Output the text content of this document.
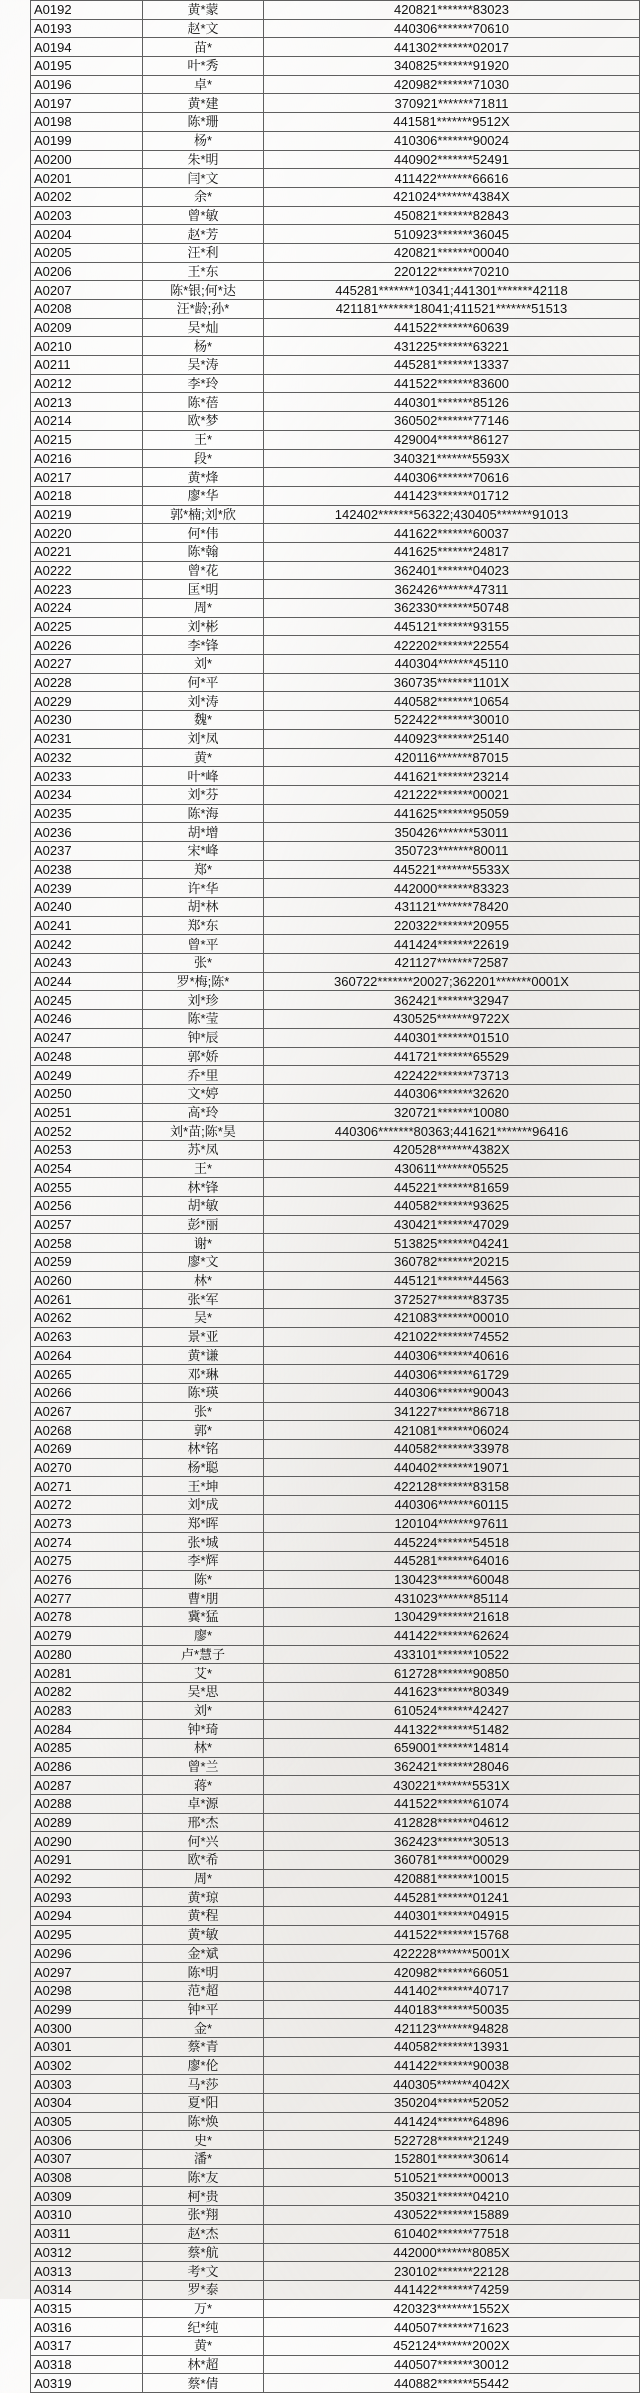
A0192	黄*蒙	420821*******83023
A0193	赵*文	440306*******70610
A0194	苗*	441302*******02017
A0195	叶*秀	340825*******91920
A0196	卓*	420982*******71030
A0197	黄*建	370921*******71811
A0198	陈*珊	441581*******9512X
A0199	杨*	410306*******90024
A0200	朱*明	440902*******52491
A0201	闫*文	411422*******66616
A0202	余*	421024*******4384X
A0203	曾*敏	450821*******82843
A0204	赵*芳	510923*******36045
A0205	汪*利	420821*******00040
A0206	王*东	220122*******70210
A0207	陈*银;何*达	445281*******10341;441301*******42118
A0208	汪*龄;孙*	421181*******18041;411521*******51513
A0209	吴*灿	441522*******60639
A0210	杨*	431225*******63221
A0211	吴*涛	445281*******13337
A0212	李*玲	441522*******83600
A0213	陈*蓓	440301*******85126
A0214	欧*梦	360502*******77146
A0215	王*	429004*******86127
A0216	段*	340321*******5593X
A0217	黄*烽	440306*******70616
A0218	廖*华	441423*******01712
A0219	郭*楠;刘*欣	142402*******56322;430405*******91013
A0220	何*伟	441622*******60037
A0221	陈*翰	441625*******24817
A0222	曾*花	362401*******04023
A0223	匡*明	362426*******47311
A0224	周*	362330*******50748
A0225	刘*彬	445121*******93155
A0226	李*锋	422202*******22554
A0227	刘*	440304*******45110
A0228	何*平	360735*******1101X
A0229	刘*涛	440582*******10654
A0230	魏*	522422*******30010
A0231	刘*凤	440923*******25140
A0232	黄*	420116*******87015
A0233	叶*峰	441621*******23214
A0234	刘*芬	421222*******00021
A0235	陈*海	441625*******95059
A0236	胡*增	350426*******53011
A0237	宋*峰	350723*******80011
A0238	郑*	445221*******5533X
A0239	许*华	442000*******83323
A0240	胡*林	431121*******78420
A0241	郑*东	220322*******20955
A0242	曾*平	441424*******22619
A0243	张*	421127*******72587
A0244	罗*梅;陈*	360722*******20027;362201*******0001X
A0245	刘*珍	362421*******32947
A0246	陈*莹	430525*******9722X
A0247	钟*辰	440301*******01510
A0248	郭*娇	441721*******65529
A0249	乔*里	422422*******73713
A0250	文*婷	440306*******32620
A0251	高*玲	320721*******10080
A0252	刘*苗;陈*昊	440306*******80363;441621*******96416
A0253	苏*凤	420528*******4382X
A0254	王*	430611*******05525
A0255	林*锋	445221*******81659
A0256	胡*敏	440582*******93625
A0257	彭*丽	430421*******47029
A0258	谢*	513825*******04241
A0259	廖*文	360782*******20215
A0260	林*	445121*******44563
A0261	张*军	372527*******83735
A0262	吴*	421083*******00010
A0263	景*亚	421022*******74552
A0264	黄*谦	440306*******40616
A0265	邓*琳	440306*******61729
A0266	陈*瑛	440306*******90043
A0267	张*	341227*******86718
A0268	郭*	421081*******06024
A0269	林*铭	440582*******33978
A0270	杨*聪	440402*******19071
A0271	王*坤	422128*******83158
A0272	刘*成	440306*******60115
A0273	郑*晖	120104*******97611
A0274	张*城	445224*******54518
A0275	李*辉	445281*******64016
A0276	陈*	130423*******60048
A0277	曹*朋	431023*******85114
A0278	冀*猛	130429*******21618
A0279	廖*	441422*******62624
A0280	卢*慧子	433101*******10522
A0281	艾*	612728*******90850
A0282	吴*思	441623*******80349
A0283	刘*	610524*******42427
A0284	钟*琦	441322*******51482
A0285	林*	659001*******14814
A0286	曾*兰	362421*******28046
A0287	蒋*	430221*******5531X
A0288	卓*源	441522*******61074
A0289	邢*杰	412828*******04612
A0290	何*兴	362423*******30513
A0291	欧*希	360781*******00029
A0292	周*	420881*******10015
A0293	黄*琼	445281*******01241
A0294	黄*程	440301*******04915
A0295	黄*敏	441522*******15768
A0296	金*斌	422228*******5001X
A0297	陈*明	420982*******66051
A0298	范*超	441402*******40717
A0299	钟*平	440183*******50035
A0300	金*	421123*******94828
A0301	蔡*青	440582*******13931
A0302	廖*伦	441422*******90038
A0303	马*莎	440305*******4042X
A0304	夏*阳	350204*******52052
A0305	陈*焕	441424*******64896
A0306	史*	522728*******21249
A0307	潘*	152801*******30614
A0308	陈*友	510521*******00013
A0309	柯*贵	350321*******04210
A0310	张*翔	430522*******15889
A0311	赵*杰	610402*******77518
A0312	蔡*航	442000*******8085X
A0313	考*文	230102*******22128
A0314	罗*泰	441422*******74259
A0315	万*	420323*******1552X
A0316	纪*纯	440507*******71623
A0317	黄*	452124*******2002X
A0318	林*超	440507*******30012
A0319	蔡*倩	440882*******55442
